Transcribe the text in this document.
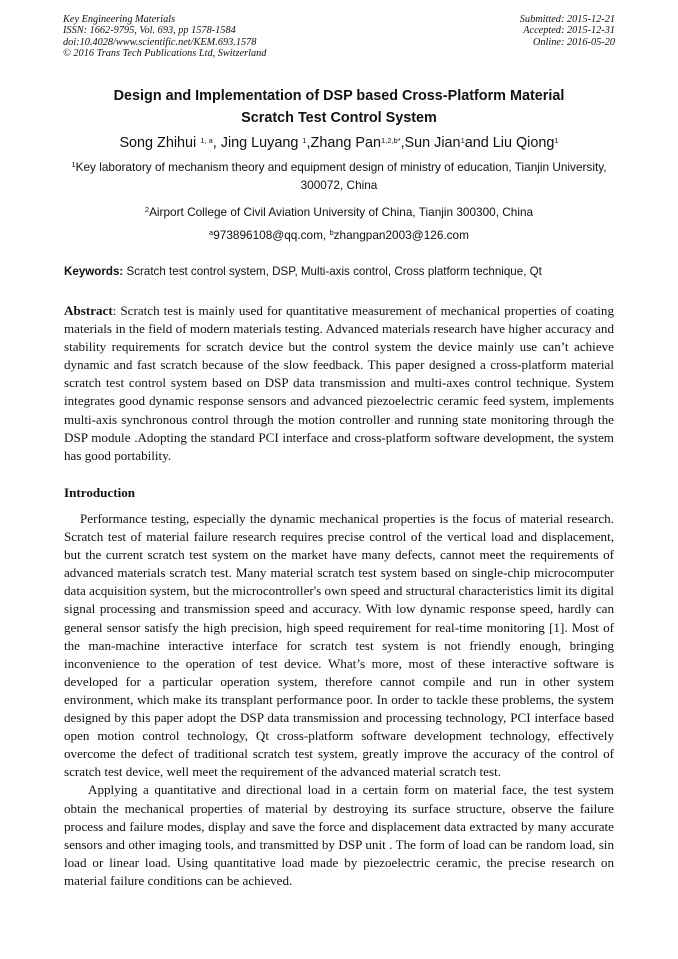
Key Engineering Materials
ISSN: 1662-9795, Vol. 693, pp 1578-1584
doi:10.4028/www.scientific.net/KEM.693.1578
© 2016 Trans Tech Publications Ltd, Switzerland
Submitted: 2015-12-21
Accepted: 2015-12-31
Online: 2016-05-20
Design and Implementation of DSP based Cross-Platform Material
Scratch Test Control System
Song Zhihui $^{1, a}$, Jing Luyang $^1$,Zhang Pan$^{1,2,b*}$,Sun Jian$^1$and Liu Qiong$^1$
$^1$Key laboratory of mechanism theory and equipment design of ministry of education, Tianjin University, 300072, China
$^2$Airport College of Civil Aviation University of China, Tianjin 300300, China
$^a$973896108@qq.com, $^b$zhangpan2003@126.com
Keywords: Scratch test control system, DSP, Multi-axis control, Cross platform technique, Qt
Abstract: Scratch test is mainly used for quantitative measurement of mechanical properties of coating materials in the field of modern materials testing. Advanced materials research have higher accuracy and stability requirements for scratch device but the control system the device mainly use can’t achieve dynamic and fast scratch because of the slow feedback. This paper designed a cross-platform material scratch test control system based on DSP data transmission and multi-axes control technique. System integrates good dynamic response sensors and advanced piezoelectric ceramic feed system, implements multi-axis synchronous control through the motion controller and running state monitoring through the DSP module .Adopting the standard PCI interface and cross-platform software development, the system has good portability.
Introduction

Performance testing, especially the dynamic mechanical properties is the focus of material research. Scratch test of material failure research requires precise control of the vertical load and displacement, but the current scratch test system on the market have many defects, cannot meet the requirements of advanced materials scratch test. Many material scratch test system based on single-chip microcomputer data acquisition system, but the microcontroller's own speed and structural characteristics limit its digital signal processing and transmission speed and accuracy. With low dynamic response speed, hardly can general sensor satisfy the high precision, high speed requirement for real-time monitoring [1]. Most of the man-machine interactive interface for scratch test system is not friendly enough, bringing inconvenience to the operation of test device. What’s more, most of these interactive software is developed for a particular operation system, therefore cannot compile and run in other system environment, which make its transplant performance poor. In order to tackle these problems, the system designed by this paper adopt the DSP data transmission and processing technology, PCI interface based open motion control technology, Qt cross-platform software development technology, effectively overcome the defect of traditional scratch test system, greatly improve the accuracy of the control of scratch test device, well meet the requirement of the advanced material scratch test.

Applying a quantitative and directional load in a certain form on material face, the test system obtain the mechanical properties of material by destroying its surface structure, observe the failure process and failure modes, display and save the force and displacement data extracted by many accurate sensors and other imaging tools, and transmitted by DSP unit . The form of load can be random load, sin load or linear load. Using quantitative load made by piezoelectric ceramic, the precise research on material failure conditions can be achieved.
